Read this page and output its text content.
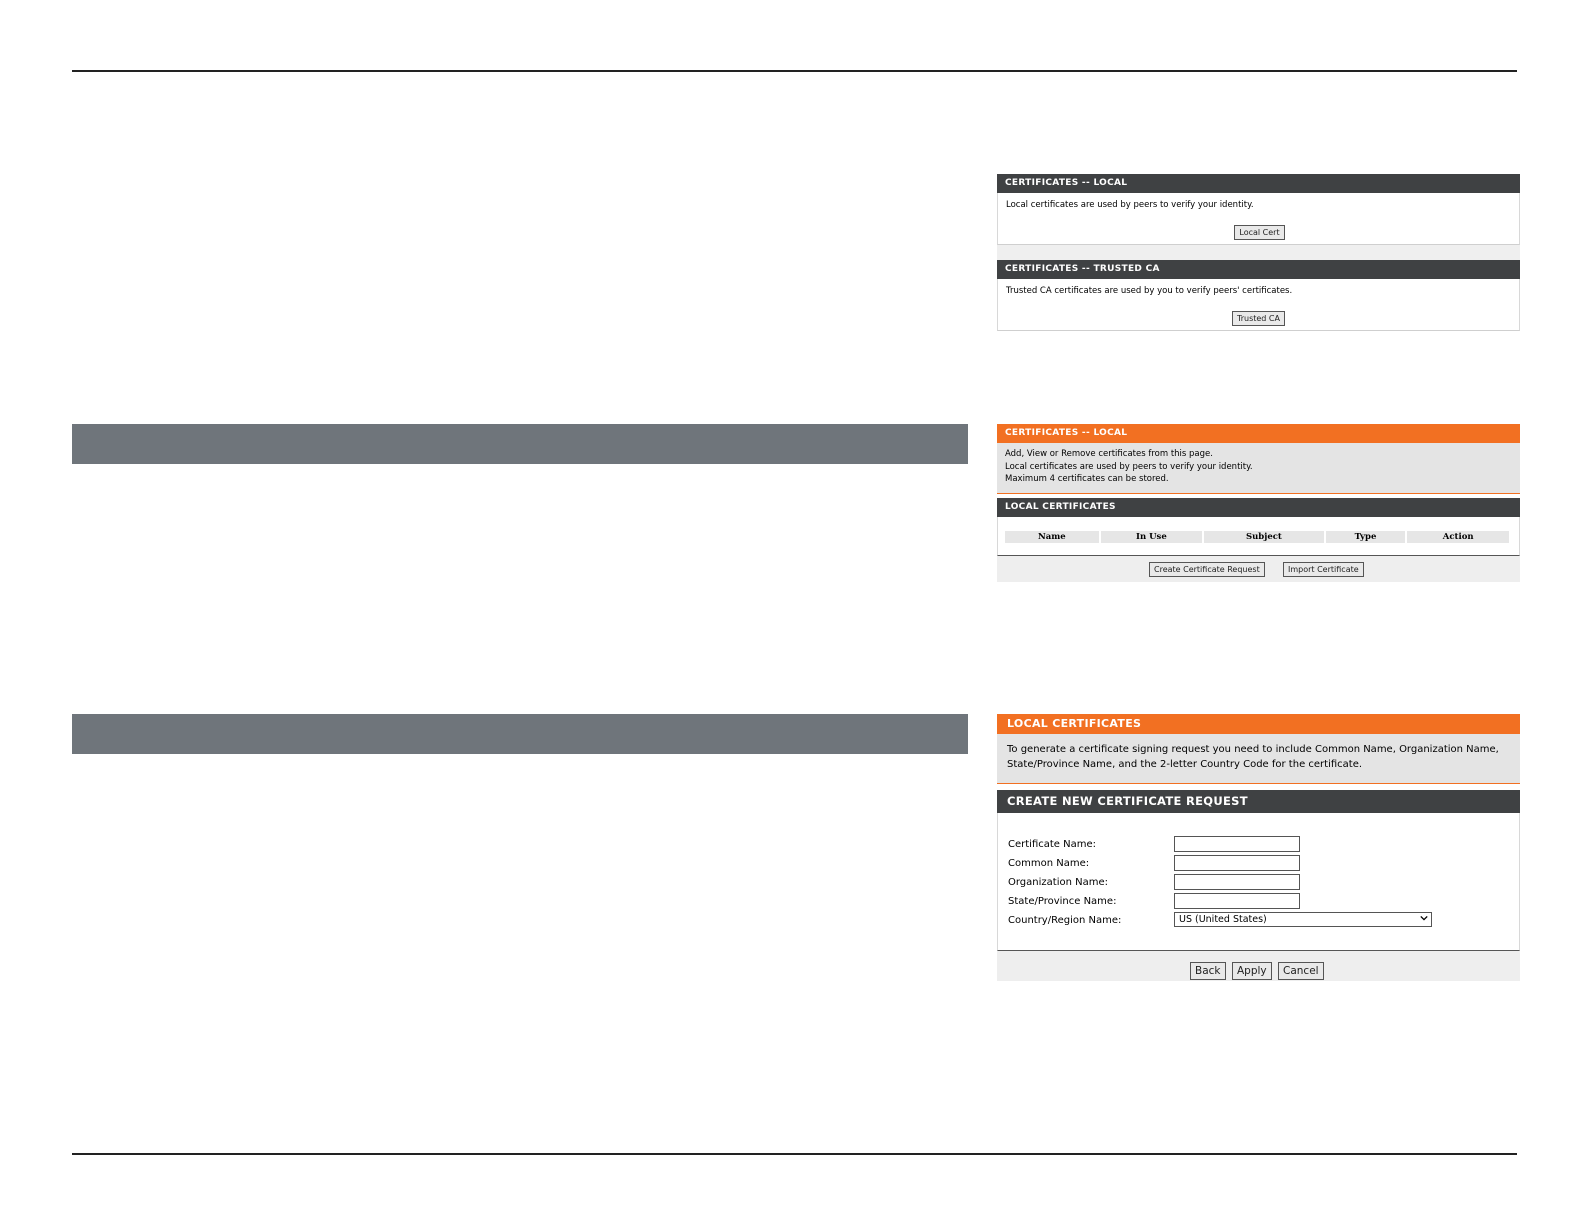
CERTIFICATES -- LOCAL
Local certificates are used by peers to verify your identity.
Local Cert
CERTIFICATES -- TRUSTED CA
Trusted CA certificates are used by you to verify peers' certificates.
Trusted CA
CERTIFICATES -- LOCAL
Add, View or Remove certificates from this page.
Local certificates are used by peers to verify your identity.
Maximum 4 certificates can be stored.
LOCAL CERTIFICATES
Name	In Use	Subject	Type	Action
Create Certificate Request	Import Certificate
LOCAL CERTIFICATES
To generate a certificate signing request you need to include Common Name, Organization Name,
State/Province Name, and the 2-letter Country Code for the certificate.
CREATE NEW CERTIFICATE REQUEST
Certificate Name:
Common Name:
Organization Name:
State/Province Name:
Country/Region Name:	US (United States)
Back	Apply	Cancel
